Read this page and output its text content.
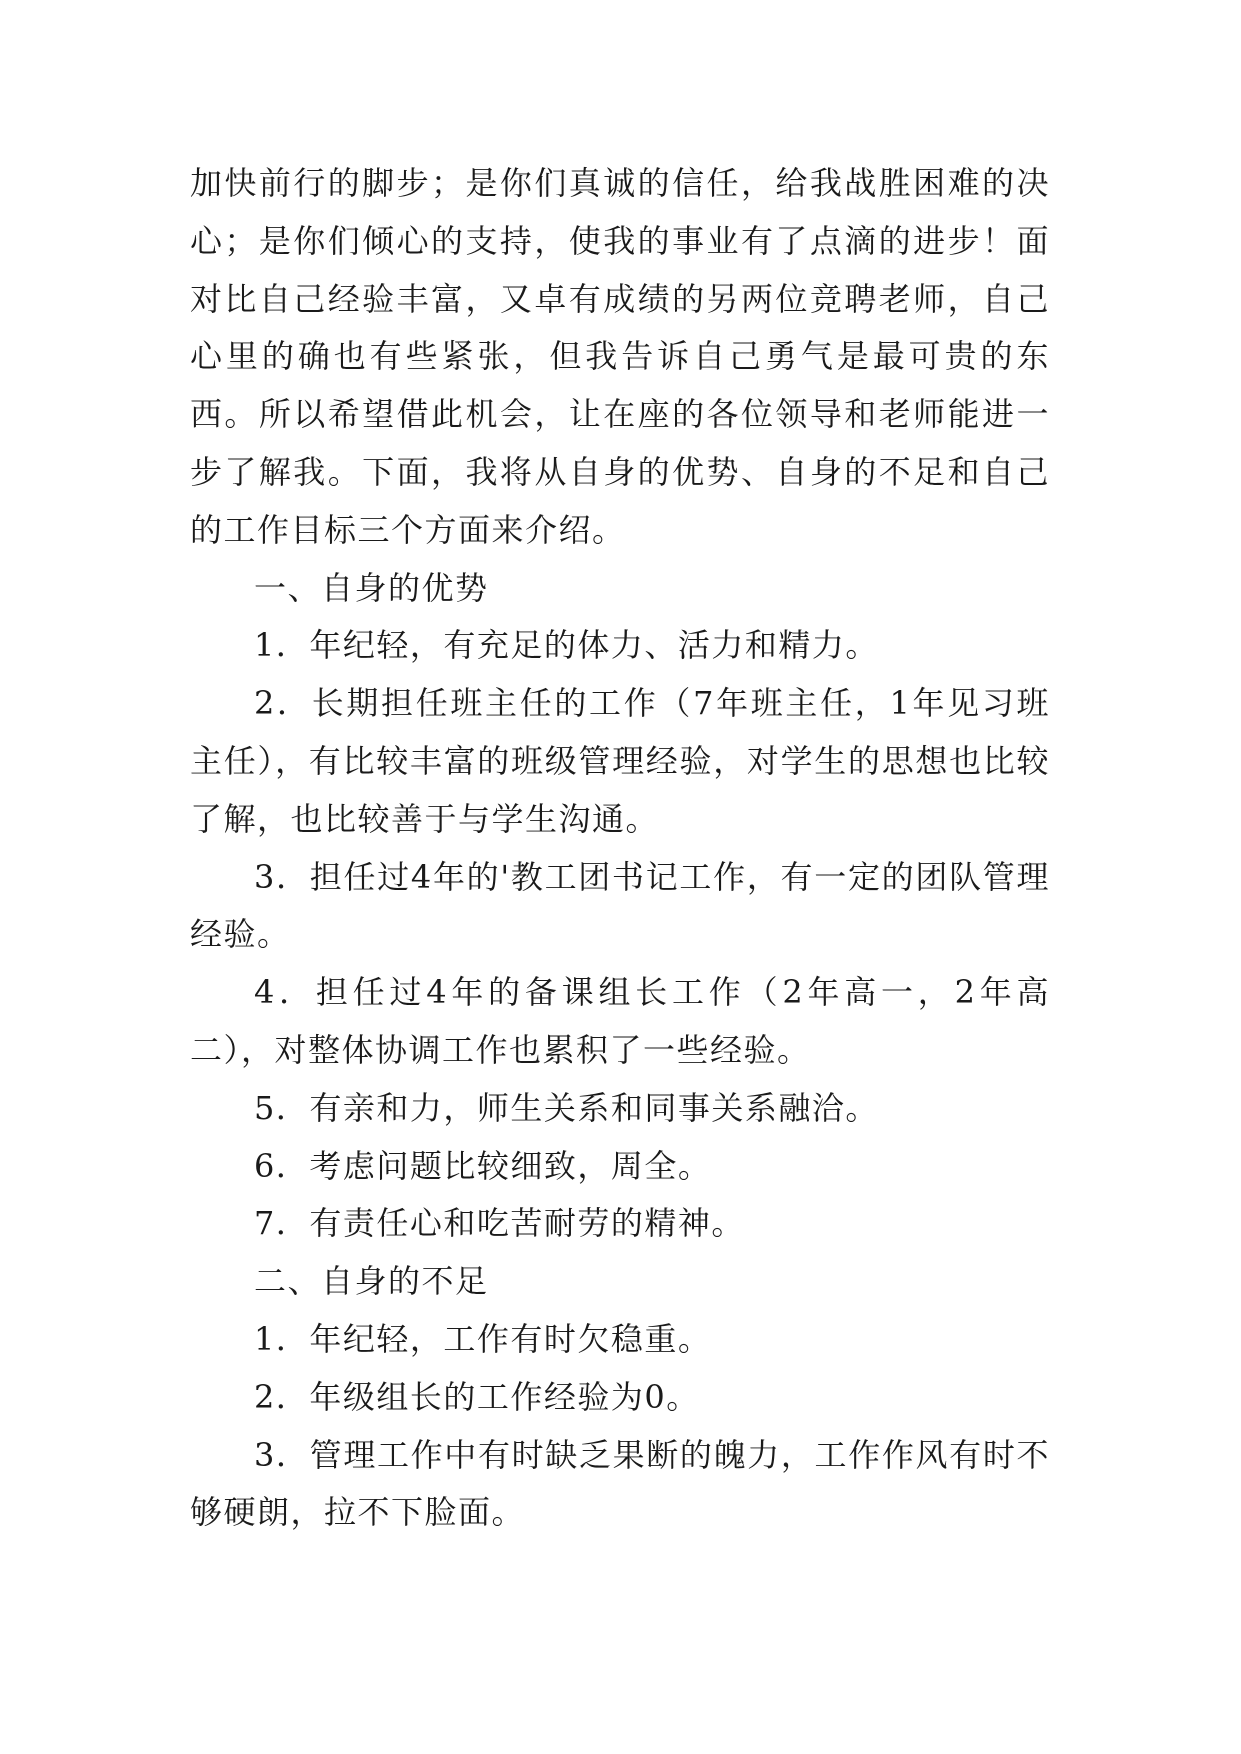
加快前行的脚步；是你们真诚的信任，给我战胜困难的决心；是你们倾心的支持，使我的事业有了点滴的进步！面对比自己经验丰富，又卓有成绩的另两位竞聘老师，自己心里的确也有些紧张，但我告诉自己勇气是最可贵的东西。所以希望借此机会，让在座的各位领导和老师能进一步了解我。下面，我将从自身的优势、自身的不足和自己的工作目标三个方面来介绍。

一、自身的优势

1．年纪轻，有充足的体力、活力和精力。

2．长期担任班主任的工作（7年班主任，1年见习班主任），有比较丰富的班级管理经验，对学生的思想也比较了解，也比较善于与学生沟通。

3．担任过4年的'教工团书记工作，有一定的团队管理经验。

4．担任过4年的备课组长工作（2年高一，2年高二），对整体协调工作也累积了一些经验。

5．有亲和力，师生关系和同事关系融洽。

6．考虑问题比较细致，周全。

7．有责任心和吃苦耐劳的精神。

二、自身的不足

1．年纪轻，工作有时欠稳重。

2．年级组长的工作经验为0。

3．管理工作中有时缺乏果断的魄力，工作作风有时不够硬朗，拉不下脸面。
